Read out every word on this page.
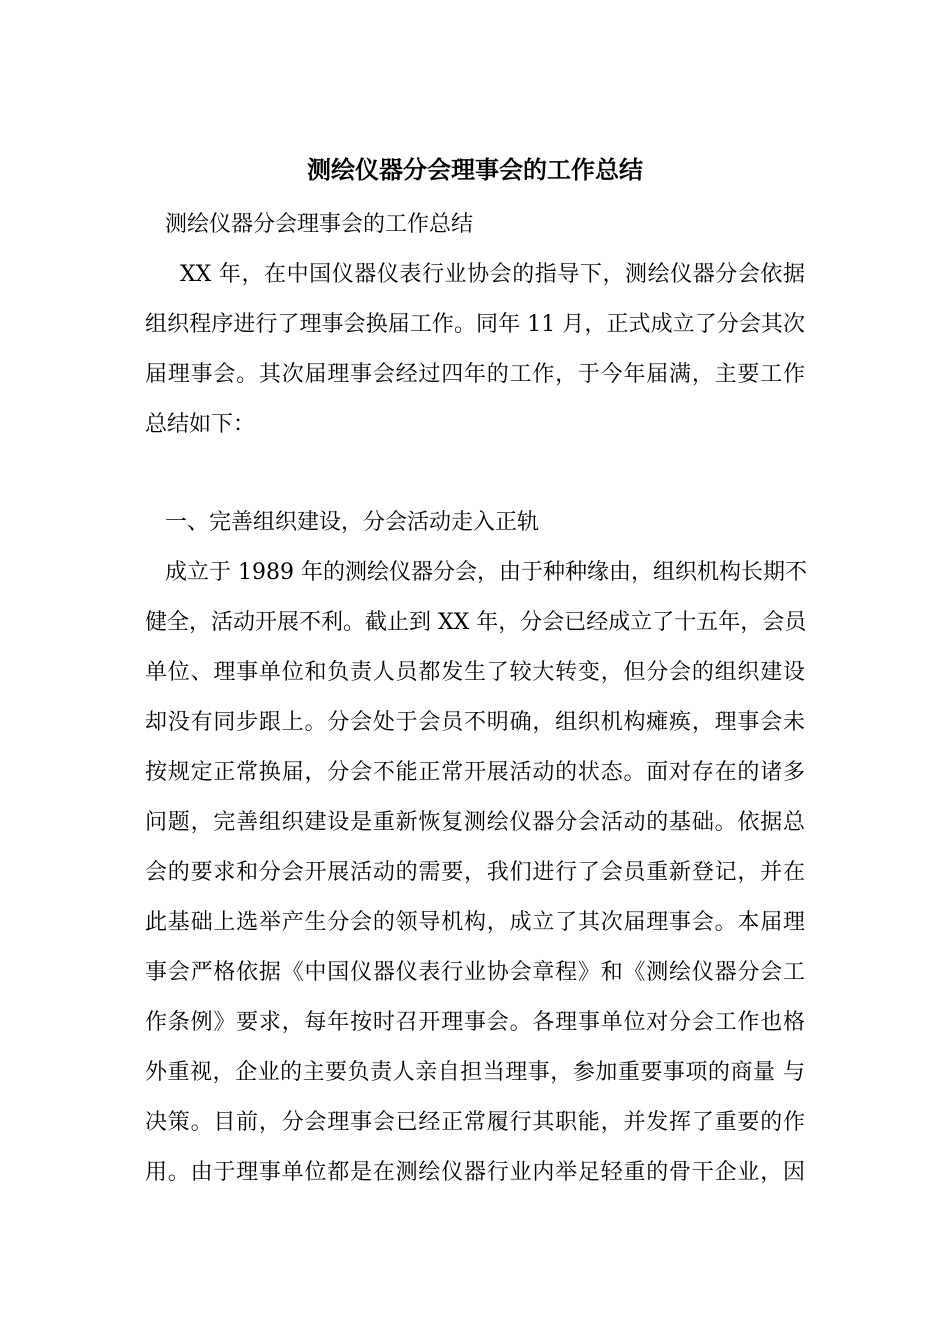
测绘仪器分会理事会的工作总结

测绘仪器分会理事会的工作总结

XX 年，在中国仪器仪表行业协会的指导下，测绘仪器分会依据

组织程序进行了理事会换届工作。同年 11 月，正式成立了分会其次

届理事会。其次届理事会经过四年的工作，于今年届满，主要工作

总结如下：

一、完善组织建设，分会活动走入正轨

成立于 1989 年的测绘仪器分会，由于种种缘由，组织机构长期不

健全，活动开展不利。截止到 XX 年，分会已经成立了十五年，会员

单位、理事单位和负责人员都发生了较大转变，但分会的组织建设

却没有同步跟上。分会处于会员不明确，组织机构瘫痪，理事会未

按规定正常换届，分会不能正常开展活动的状态。面对存在的诸多

问题，完善组织建设是重新恢复测绘仪器分会活动的基础。依据总

会的要求和分会开展活动的需要，我们进行了会员重新登记，并在

此基础上选举产生分会的领导机构，成立了其次届理事会。本届理

事会严格依据《中国仪器仪表行业协会章程》和《测绘仪器分会工

作条例》要求，每年按时召开理事会。各理事单位对分会工作也格

外重视，企业的主要负责人亲自担当理事，参加重要事项的商量 与

决策。目前，分会理事会已经正常履行其职能，并发挥了重要的作

用。由于理事单位都是在测绘仪器行业内举足轻重的骨干企业，因
